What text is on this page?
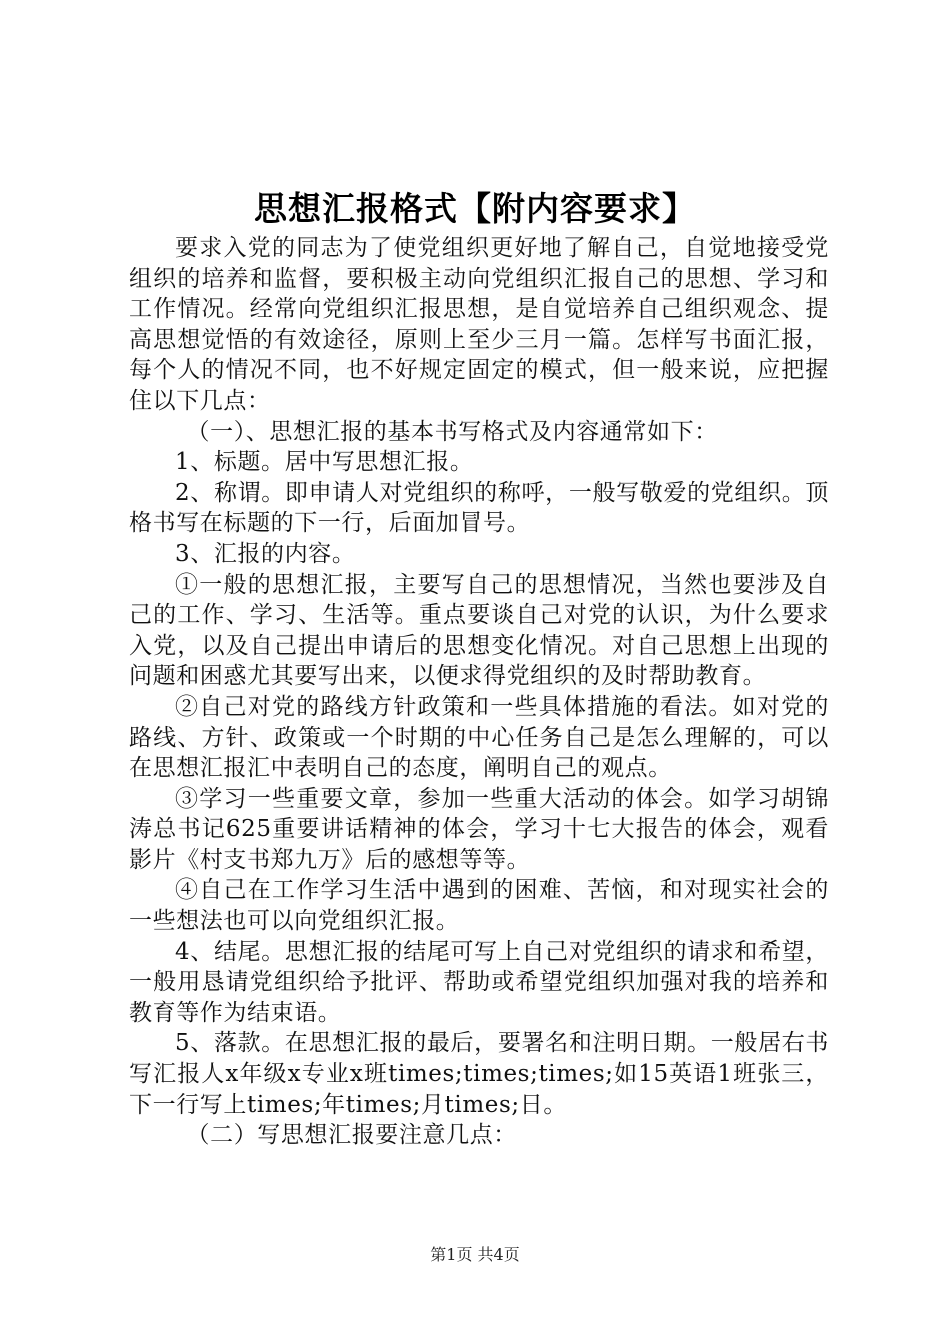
思想汇报格式【附内容要求】

要求入党的同志为了使党组织更好地了解自己，自觉地接受党组织的培养和监督，要积极主动向党组织汇报自己的思想、学习和工作情况。经常向党组织汇报思想，是自觉培养自己组织观念、提高思想觉悟的有效途径，原则上至少三月一篇。怎样写书面汇报，每个人的情况不同，也不好规定固定的模式，但一般来说，应把握住以下几点：

（一）、思想汇报的基本书写格式及内容通常如下：

1、标题。居中写思想汇报。

2、称谓。即申请人对党组织的称呼，一般写敬爱的党组织。顶格书写在标题的下一行，后面加冒号。

3、汇报的内容。

①一般的思想汇报，主要写自己的思想情况，当然也要涉及自己的工作、学习、生活等。重点要谈自己对党的认识，为什么要求入党，以及自己提出申请后的思想变化情况。对自己思想上出现的问题和困惑尤其要写出来，以便求得党组织的及时帮助教育。

②自己对党的路线方针政策和一些具体措施的看法。如对党的路线、方针、政策或一个时期的中心任务自己是怎么理解的，可以在思想汇报汇中表明自己的态度，阐明自己的观点。

③学习一些重要文章，参加一些重大活动的体会。如学习胡锦涛总书记625重要讲话精神的体会，学习十七大报告的体会，观看影片《村支书郑九万》后的感想等等。

④自己在工作学习生活中遇到的困难、苦恼，和对现实社会的一些想法也可以向党组织汇报。

4、结尾。思想汇报的结尾可写上自己对党组织的请求和希望，一般用恳请党组织给予批评、帮助或希望党组织加强对我的培养和教育等作为结束语。

5、落款。在思想汇报的最后，要署名和注明日期。一般居右书写汇报人x年级x专业x班times;times;times;如15英语1班张三，下一行写上times;年times;月times;日。

（二）写思想汇报要注意几点：

第1页 共4页
